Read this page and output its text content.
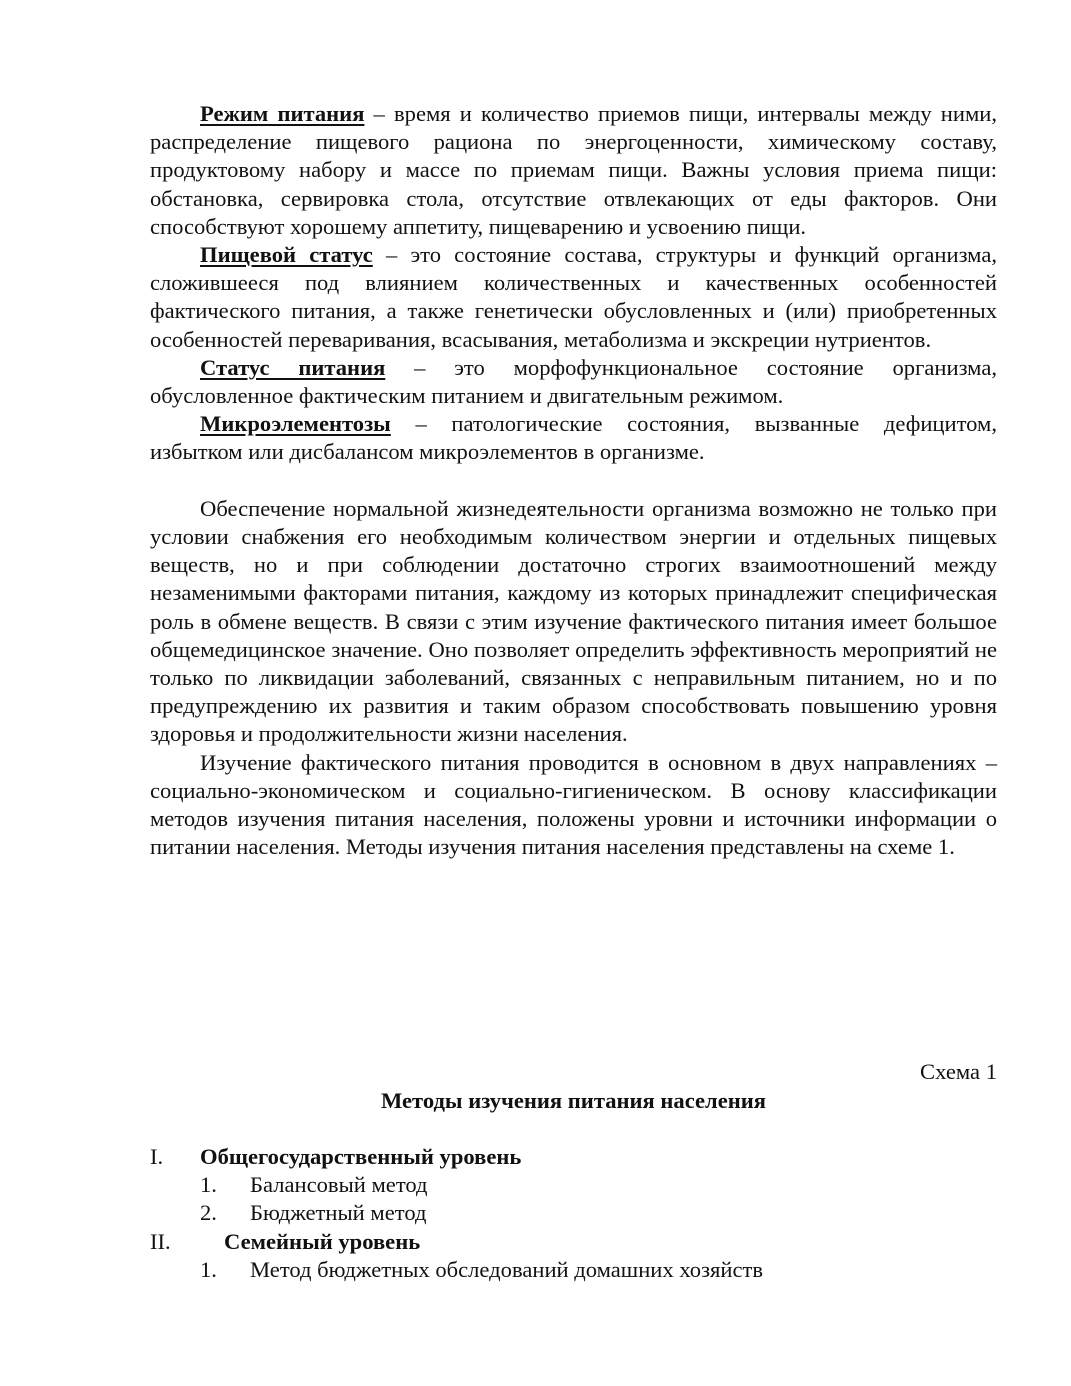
Режим питания – время и количество приемов пищи, интервалы между ними, распределение пищевого рациона по энергоценности, химическому составу, продуктовому набору и массе по приемам пищи. Важны условия приема пищи: обстановка, сервировка стола, отсутствие отвлекающих от еды факторов. Они способствуют хорошему аппетиту, пищеварению и усвоению пищи.

Пищевой статус – это состояние состава, структуры и функций организма, сложившееся под влиянием количественных и качественных особенностей фактического питания, а также генетически обусловленных и (или) приобретенных особенностей переваривания, всасывания, метаболизма и экскреции нутриентов.

Статус питания – это морфофункциональное состояние организма, обусловленное фактическим питанием и двигательным режимом.

Микроэлементозы – патологические состояния, вызванные дефицитом, избытком или дисбалансом микроэлементов в организме.

Обеспечение нормальной жизнедеятельности организма возможно не только при условии снабжения его необходимым количеством энергии и отдельных пищевых веществ, но и при соблюдении достаточно строгих взаимоотношений между незаменимыми факторами питания, каждому из которых принадлежит специфическая роль в обмене веществ. В связи с этим изучение фактического питания имеет большое общемедицинское значение. Оно позволяет определить эффективность мероприятий не только по ликвидации заболеваний, связанных с неправильным питанием, но и по предупреждению их развития и таким образом способствовать повышению уровня здоровья и продолжительности жизни населения.

Изучение фактического питания проводится в основном в двух направлениях – социально-экономическом и социально-гигиеническом. В основу классификации методов изучения питания населения, положены уровни и источники информации о питании населения. Методы изучения питания населения представлены на схеме 1.

Схема 1
Методы изучения питания населения
I. Общегосударственный уровень
1. Балансовый метод
2. Бюджетный метод
II. Семейный уровень
1. Метод бюджетных обследований домашних хозяйств
